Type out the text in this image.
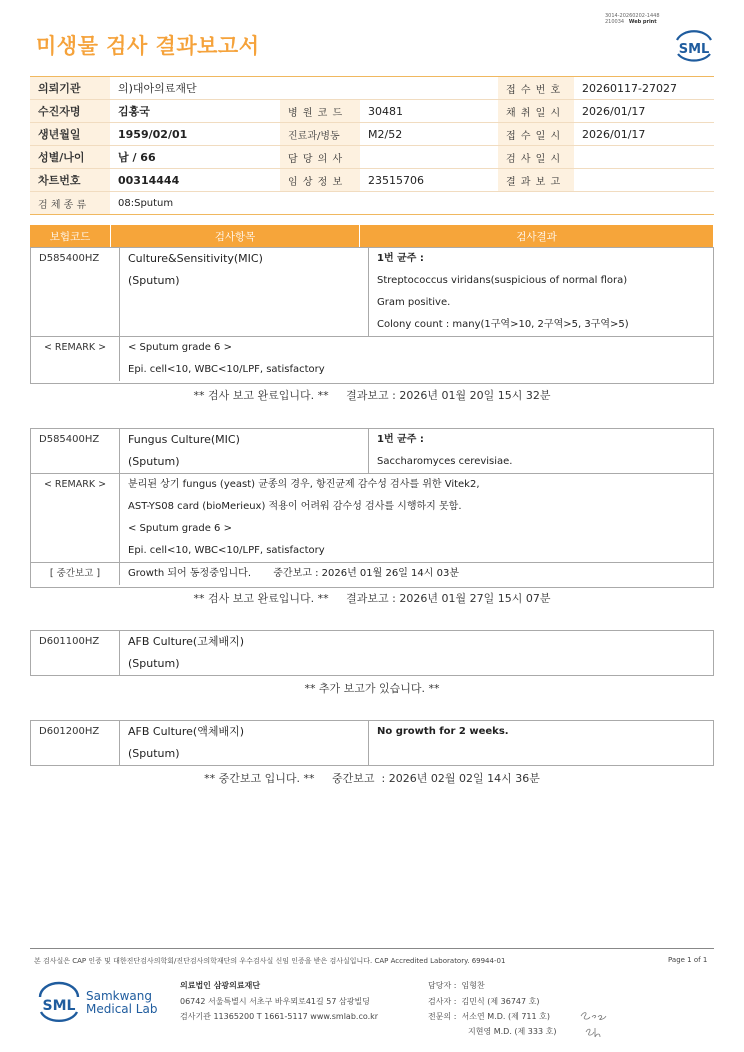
미생물 검사 결과보고서
3014-20260202-1448
210034 Web print
SML
의뢰기관	의)대아의료재단			접 수 번 호	20260117-27027
수진자명	김홍국	병 원 코 드	30481	채 취 일 시	2026/01/17
생년월일	1959/02/01	진료과/병동	M2/52	접 수 일 시	2026/01/17
성별/나이	남 / 66	담 당 의 사		검 사 일 시	
차트번호	00314444	임 상 정 보	23515706	결 과 보 고	
검 체 종 류	08:Sputum				
보험코드	검사항목	검사결과
D585400HZ	Culture&Sensitivity(MIC)	1번 균주 :
	(Sputum)	Streptococcus viridans(suspicious of normal flora)
		Gram positive.
		Colony count : many(1구역>10, 2구역>5, 3구역>5)
< REMARK >	< Sputum grade 6 >	
	Epi. cell<10, WBC<10/LPF, satisfactory	
** 검사 보고 완료입니다. **     결과보고 : 2026년 01월 20일 15시 32분
D585400HZ	Fungus Culture(MIC)	1번 균주 :
	(Sputum)	Saccharomyces cerevisiae.
< REMARK >	분리된 상기 fungus (yeast) 균종의 경우, 항진균제 감수성 검사를 위한 Vitek2,	
	AST-YS08 card (bioMerieux) 적용이 어려워 감수성 검사를 시행하지 못함.	
	< Sputum grade 6 >	
	Epi. cell<10, WBC<10/LPF, satisfactory	
[ 중간보고 ]	Growth 되어 동정중입니다.       중간보고 : 2026년 01월 26일 14시 03분	
** 검사 보고 완료입니다. **     결과보고 : 2026년 01월 27일 15시 07분
D601100HZ	AFB Culture(고체배지)	
	(Sputum)	
** 추가 보고가 있습니다. **
D601200HZ	AFB Culture(액체배지)	No growth for 2 weeks.
	(Sputum)	
** 중간보고 입니다. **     중간보고  : 2026년 02월 02일 14시 36분
본 검사실은 CAP 인증 및 대한진단검사의학회/진단검사의학재단의 우수검사실 신임 인증을 받은 검사실입니다. CAP Accredited Laboratory. 69944-01	Page 1 of 1
SML
Samkwang
Medical Lab
의료법인 삼광의료재단
06742 서울특별시 서초구 바우뫼로41길 57 삼광빌딩
검사기관 11365200 T 1661-5117 www.smlab.co.kr
담당자 : 임형찬
검사자 : 김민식 (제 36747 호)
전문의 : 서소연 M.D. (제 711 호)
지현영 M.D. (제 333 호)
